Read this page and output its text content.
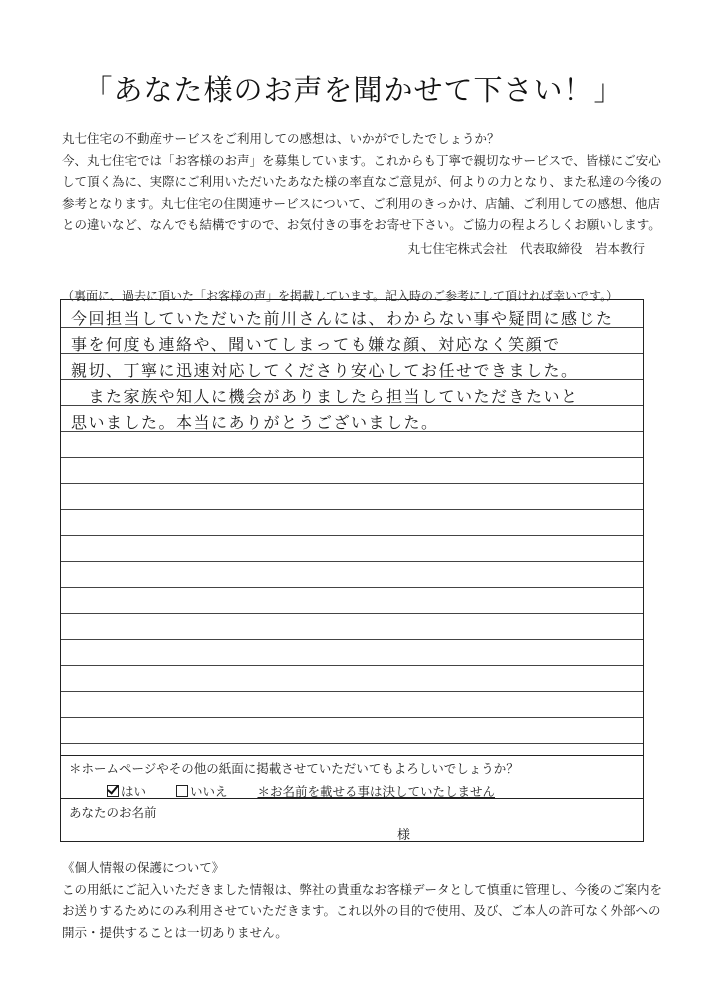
「あなた様のお声を聞かせて下さい！」

丸七住宅の不動産サービスをご利用しての感想は、いかがでしたでしょうか？

今、丸七住宅では「お客様のお声」を募集しています。これからも丁寧で親切なサービスで、皆様にご安心

して頂く為に、実際にご利用いただいたあなた様の率直なご意見が、何よりの力となり、また私達の今後の

参考となります。丸七住宅の住関連サービスについて、ご利用のきっかけ、店舗、ご利用しての感想、他店

との違いなど、なんでも結構ですので、お気付きの事をお寄せ下さい。ご協力の程よろしくお願いします。

丸七住宅株式会社　代表取締役　岩本教行
（裏面に、過去に頂いた「お客様の声」を掲載しています。記入時のご参考にして頂ければ幸いです。）
今回担当していただいた前川さんには、わからない事や疑問に感じた
事を何度も連絡や、聞いてしまっても嫌な顔、対応なく笑顔で
親切、丁寧に迅速対応してくださり安心してお任せできました。
　また家族や知人に機会がありましたら担当していただきたいと
思いました。本当にありがとうございました。
＊ホームページやその他の紙面に掲載させていただいてもよろしいでしょうか？
はい	いいえ ＊お名前を載せる事は決していたしません
あなたのお名前
様

《個人情報の保護について》

この用紙にご記入いただきました情報は、弊社の貴重なお客様データとして慎重に管理し、今後のご案内を

お送りするためにのみ利用させていただきます。これ以外の目的で使用、及び、ご本人の許可なく外部への

開示・提供することは一切ありません。
